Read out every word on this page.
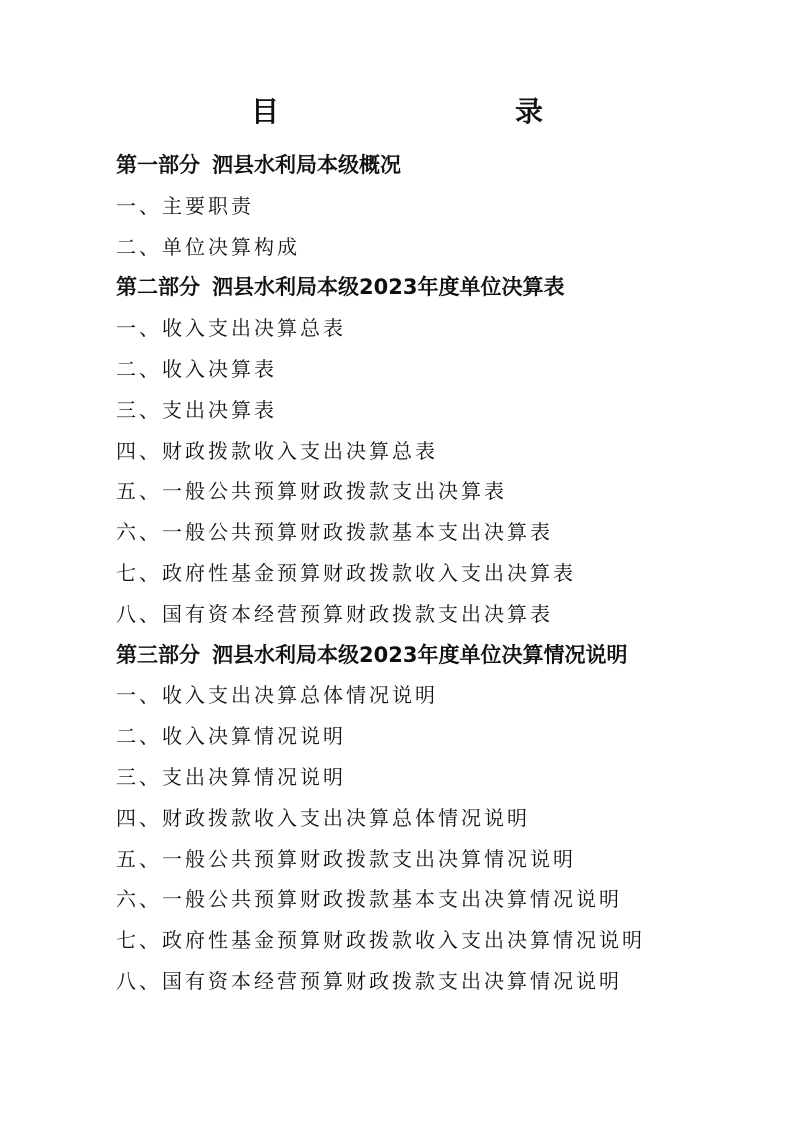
目　　录
第一部分 泗县水利局本级概况
一、主要职责
二、单位决算构成
第二部分 泗县水利局本级2023年度单位决算表
一、收入支出决算总表
二、收入决算表
三、支出决算表
四、财政拨款收入支出决算总表
五、一般公共预算财政拨款支出决算表
六、一般公共预算财政拨款基本支出决算表
七、政府性基金预算财政拨款收入支出决算表
八、国有资本经营预算财政拨款支出决算表
第三部分 泗县水利局本级2023年度单位决算情况说明
一、收入支出决算总体情况说明
二、收入决算情况说明
三、支出决算情况说明
四、财政拨款收入支出决算总体情况说明
五、一般公共预算财政拨款支出决算情况说明
六、一般公共预算财政拨款基本支出决算情况说明
七、政府性基金预算财政拨款收入支出决算情况说明
八、国有资本经营预算财政拨款支出决算情况说明
